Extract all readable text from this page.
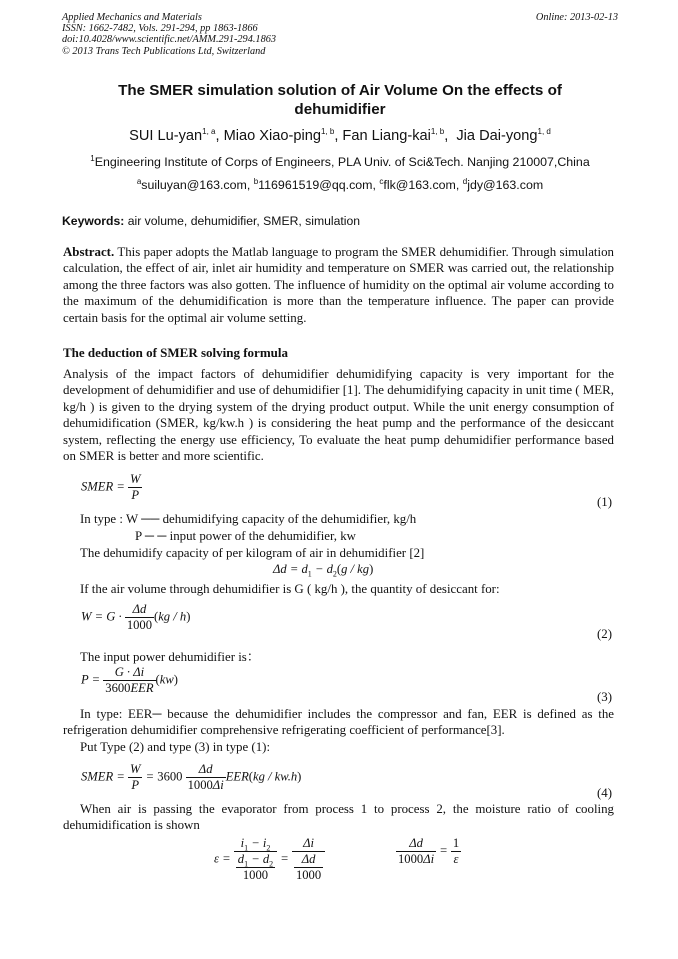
Applied Mechanics and Materials
ISSN: 1662-7482, Vols. 291-294, pp 1863-1866
doi:10.4028/www.scientific.net/AMM.291-294.1863
© 2013 Trans Tech Publications Ltd, Switzerland
Online: 2013-02-13
The SMER simulation solution of Air Volume On the effects of
dehumidifier
SUI Lu-yan$^{1, a}$, Miao Xiao-ping$^{1, b}$, Fan Liang-kai$^{1, b}$,  Jia Dai-yong$^{1, d}$
$^1$Engineering Institute of Corps of Engineers, PLA Univ. of Sci&Tech. Nanjing 210007,China
$^a$suiluyan@163.com, $^b$116961519@qq.com, $^c$flk@163.com, $^d$jdy@163.com
Keywords: air volume, dehumidifier, SMER, simulation
Abstract. This paper adopts the Matlab language to program the SMER dehumidifier. Through simulation calculation, the effect of air, inlet air humidity and temperature on SMER was carried out, the relationship among the three factors was also gotten. The influence of humidity on the optimal air volume according to the maximum of the dehumidification is more than the temperature influence. The paper can provide certain basis for the optimal air volume setting.
The deduction of SMER solving formula
Analysis of the impact factors of dehumidifier dehumidifying capacity is very important for the development of dehumidifier and use of dehumidifier [1]. The dehumidifying capacity in unit time ( MER, kg/h ) is given to the drying system of the drying product output. While the unit energy consumption of dehumidification (SMER, kg/kw.h ) is considering the heat pump and the performance of the desiccant system, reflecting the energy use efficiency, To evaluate the heat pump dehumidifier performance based on SMER is better and more scientific.
SMER = $\frac{W}{P}$	(1)
In type : W ── dehumidifying capacity of the dehumidifier, kg/h
P ─ ─ input power of the dehumidifier, kw
The dehumidify capacity of per kilogram of air in dehumidifier [2]
$\Delta d = d_1 - d_2(g / kg)$
If the air volume through dehumidifier is G ( kg/h ), the quantity of desiccant for:
$W = G \cdot \frac{\Delta d}{1000} (kg / h)$
(2)
The input power dehumidifier is：
$P = \frac{G \cdot \Delta i}{\text{3600EER}} (kw)$
(3)
In type: EER─ because the dehumidifier includes the compressor and fan, EER is defined as the
refrigeration dehumidifier comprehensive refrigerating coefficient of performance[3].
Put Type (2) and type (3) in type (1):
SMER = $\frac{W}{P} = 3600 \frac{\Delta d}{1000\Delta i} EER(kg / kw.h)$
(4)
When air is passing the evaporator from process 1 to process 2, the moisture ratio of cooling
dehumidification is shown
$\varepsilon = \frac{i_1 - i_2}{\frac{d_1 - d_2}{1000}} = \frac{\Delta i}{\frac{\Delta d}{1000}}$	$\frac{\Delta d}{1000\Delta i} = \frac{1}{\varepsilon}$
